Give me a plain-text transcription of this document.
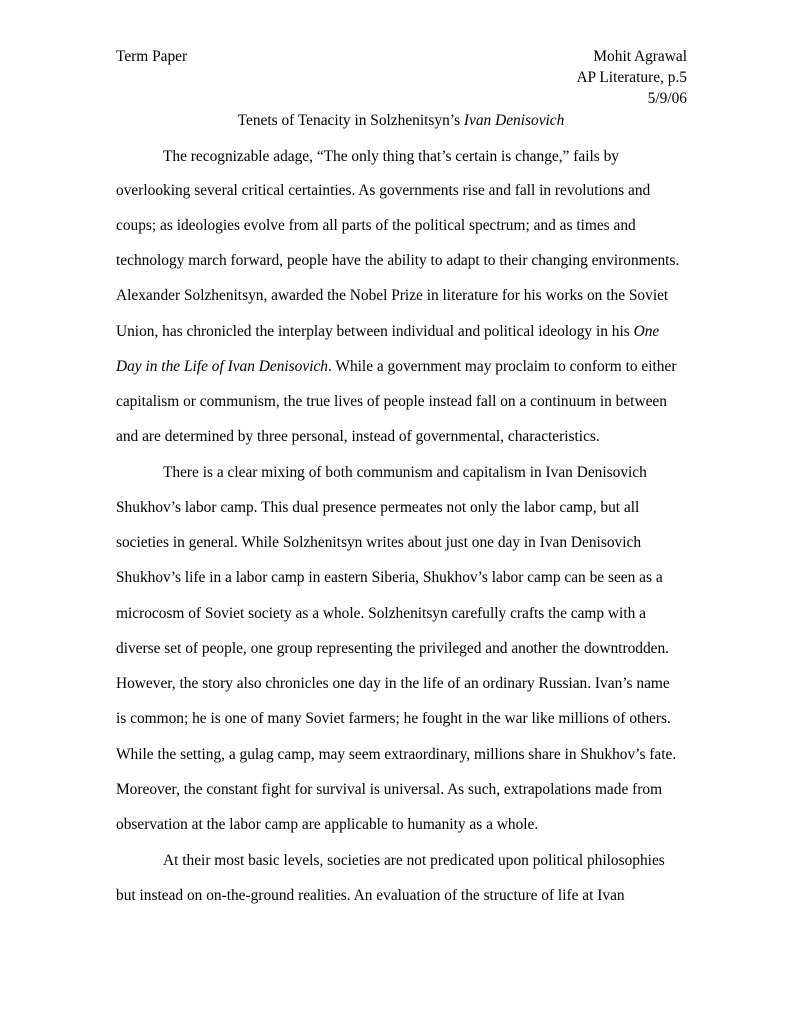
Term Paper	Mohit Agrawal
AP Literature, p.5
5/9/06
Tenets of Tenacity in Solzhenitsyn’s Ivan Denisovich
The recognizable adage, “The only thing that’s certain is change,” fails by
overlooking several critical certainties. As governments rise and fall in revolutions and
coups; as ideologies evolve from all parts of the political spectrum; and as times and
technology march forward, people have the ability to adapt to their changing environments.
Alexander Solzhenitsyn, awarded the Nobel Prize in literature for his works on the Soviet
Union, has chronicled the interplay between individual and political ideology in his One
Day in the Life of Ivan Denisovich. While a government may proclaim to conform to either
capitalism or communism, the true lives of people instead fall on a continuum in between
and are determined by three personal, instead of governmental, characteristics.
There is a clear mixing of both communism and capitalism in Ivan Denisovich
Shukhov’s labor camp. This dual presence permeates not only the labor camp, but all
societies in general. While Solzhenitsyn writes about just one day in Ivan Denisovich
Shukhov’s life in a labor camp in eastern Siberia, Shukhov’s labor camp can be seen as a
microcosm of Soviet society as a whole. Solzhenitsyn carefully crafts the camp with a
diverse set of people, one group representing the privileged and another the downtrodden.
However, the story also chronicles one day in the life of an ordinary Russian. Ivan’s name
is common; he is one of many Soviet farmers; he fought in the war like millions of others.
While the setting, a gulag camp, may seem extraordinary, millions share in Shukhov’s fate.
Moreover, the constant fight for survival is universal. As such, extrapolations made from
observation at the labor camp are applicable to humanity as a whole.
At their most basic levels, societies are not predicated upon political philosophies
but instead on on-the-ground realities. An evaluation of the structure of life at Ivan
